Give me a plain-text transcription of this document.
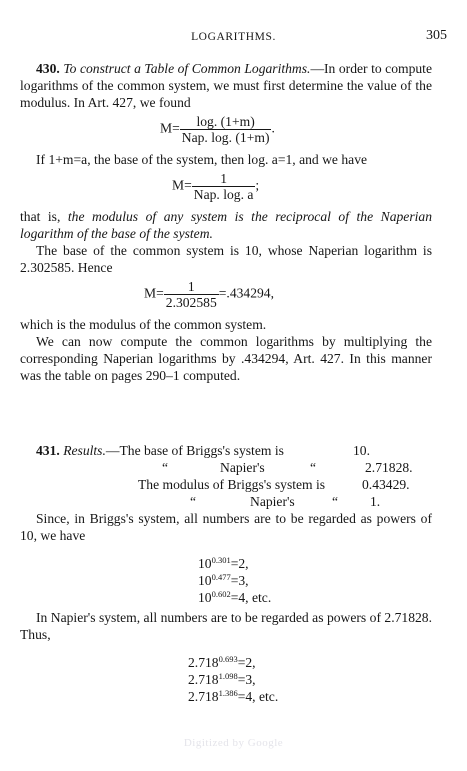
LOGARITHMS.	305
430. To construct a Table of Common Logarithms.—In order to compute logarithms of the common system, we must first determine the value of the modulus. In Art. 427, we found
$M= \frac{\log. (1+m)}{\text{Nap. log. (1+m)}}$ .
If 1+m=a, the base of the system, then log. a=1, and we have
$M= \frac{1}{\text{Nap. log. a}}$ ;
that is, the modulus of any system is the reciprocal of the Naperian logarithm of the base of the system.
The base of the common system is 10, whose Naperian logarithm is 2.302585. Hence
$M= \frac{1}{2.302585} =.434294$,
which is the modulus of the common system.
We can now compute the common logarithms by multiplying the corresponding Naperian logarithms by .434294, Art. 427. In this manner was the table on pages 290–1 computed.
431. Results.—The base of Briggs's system is	10.
“	Napier's	“	2.71828.
The modulus of Briggs's system is	0.43429.
“	Napier's	“ 1.
Since, in Briggs's system, all numbers are to be regarded as powers of 10, we have
$10^{0.301}=2$,
$10^{0.477}=3$,
$10^{0.602}=4$, etc.
In Napier's system, all numbers are to be regarded as powers of 2.71828. Thus,
$2.718^{0.693}=2$,
$2.718^{1.098}=3$,
$2.718^{1.386}=4$, etc.
Digitized by Google
